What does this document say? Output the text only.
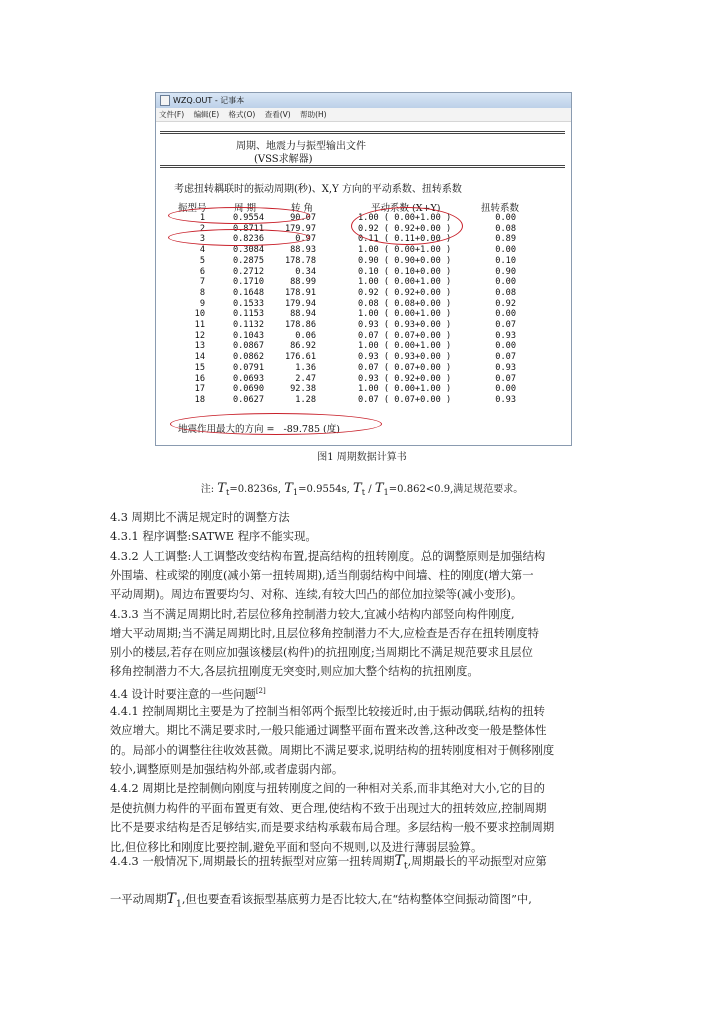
WZQ.OUT - 记事本
文件(F) 编辑(E) 格式(O) 查看(V) 帮助(H)
周期、地震力与振型输出文件
(VSS求解器)
考虑扭转耦联时的振动周期(秒)、X,Y 方向的平动系数、扭转系数
振型号	周 期	转 角	平动系数 (X+Y)	扭转系数
1	0.9554	90.07	1.00 ( 0.00+1.00 )	0.00
2	0.8711	179.97	0.92 ( 0.92+0.00 )	0.08
3	0.8236	0.97	0.11 ( 0.11+0.00 )	0.89
4	0.3084	88.93	1.00 ( 0.00+1.00 )	0.00
5	0.2875	178.78	0.90 ( 0.90+0.00 )	0.10
6	0.2712	0.34	0.10 ( 0.10+0.00 )	0.90
7	0.1710	88.99	1.00 ( 0.00+1.00 )	0.00
8	0.1648	178.91	0.92 ( 0.92+0.00 )	0.08
9	0.1533	179.94	0.08 ( 0.08+0.00 )	0.92
10	0.1153	88.94	1.00 ( 0.00+1.00 )	0.00
11	0.1132	178.86	0.93 ( 0.93+0.00 )	0.07
12	0.1043	0.06	0.07 ( 0.07+0.00 )	0.93
13	0.0867	86.92	1.00 ( 0.00+1.00 )	0.00
14	0.0862	176.61	0.93 ( 0.93+0.00 )	0.07
15	0.0791	1.36	0.07 ( 0.07+0.00 )	0.93
16	0.0693	2.47	0.93 ( 0.92+0.00 )	0.07
17	0.0690	92.38	1.00 ( 0.00+1.00 )	0.00
18	0.0627	1.28	0.07 ( 0.07+0.00 )	0.93
地震作用最大的方向 =   -89.785 (度)
图1 周期数据计算书
注: $T_t=0.8236s$, $T_1=0.9554s$, $T_t / T_1=0.862<0.9$,满足规范要求。
4.3 周期比不满足规定时的调整方法
4.3.1 程序调整:SATWE 程序不能实现。
4.3.2 人工调整:人工调整改变结构布置,提高结构的扭转刚度。总的调整原则是加强结构
外围墙、柱或梁的刚度(减小第一扭转周期),适当削弱结构中间墙、柱的刚度(增大第一
平动周期)。周边布置要均匀、对称、连续,有较大凹凸的部位加拉梁等(减小变形)。
4.3.3 当不满足周期比时,若层位移角控制潜力较大,宜减小结构内部竖向构件刚度,
增大平动周期;当不满足周期比时,且层位移角控制潜力不大,应检查是否存在扭转刚度特
别小的楼层,若存在则应加强该楼层(构件)的抗扭刚度;当周期比不满足规范要求且层位
移角控制潜力不大,各层抗扭刚度无突变时,则应加大整个结构的抗扭刚度。
4.4 设计时要注意的一些问题[2]
4.4.1 控制周期比主要是为了控制当相邻两个振型比较接近时,由于振动偶联,结构的扭转
效应增大。期比不满足要求时,一般只能通过调整平面布置来改善,这种改变一般是整体性
的。局部小的调整往往收效甚微。周期比不满足要求,说明结构的扭转刚度相对于侧移刚度
较小,调整原则是加强结构外部,或者虚弱内部。
4.4.2 周期比是控制侧向刚度与扭转刚度之间的一种相对关系,而非其绝对大小,它的目的
是使抗侧力构件的平面布置更有效、更合理,使结构不致于出现过大的扭转效应,控制周期
比不是要求结构是否足够结实,而是要求结构承载布局合理。多层结构一般不要求控制周期
比,但位移比和刚度比要控制,避免平面和竖向不规则,以及进行薄弱层验算。
4.4.3 一般情况下,周期最长的扭转振型对应第一扭转周期$T_t$,周期最长的平动振型对应第
一平动周期$T_1$,但也要查看该振型基底剪力是否比较大,在“结构整体空间振动简图”中,
